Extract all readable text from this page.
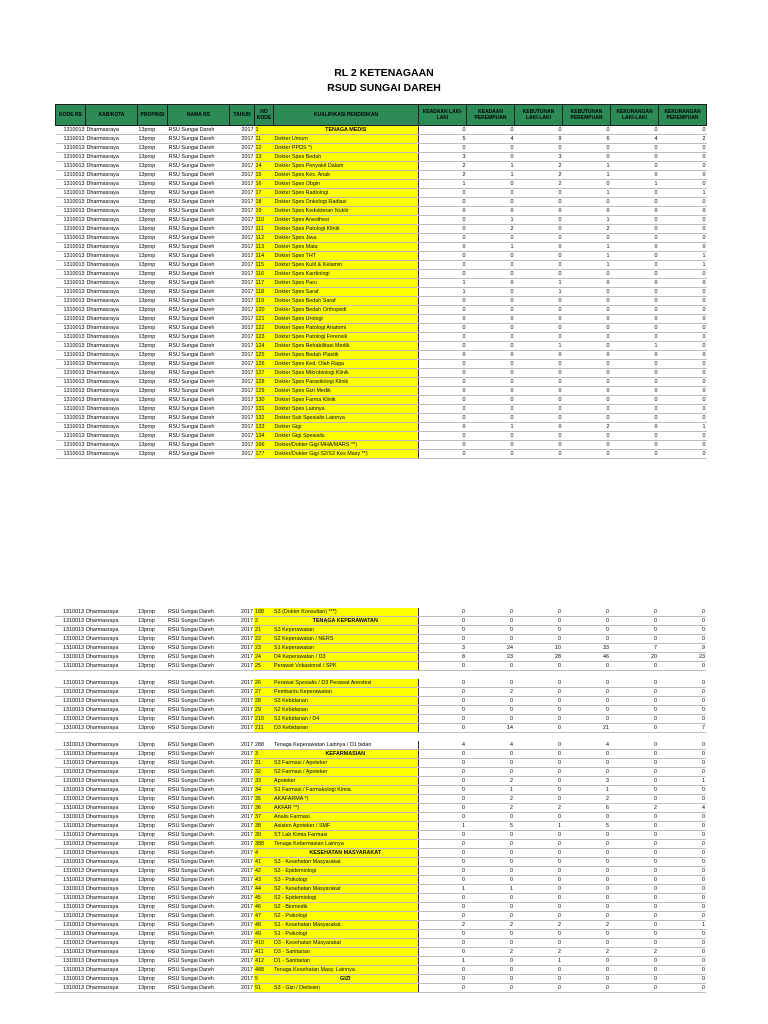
RL 2 KETENAGAAN
RSUD SUNGAI DAREH
KODE RS	KAB/KOTA	PROPINSI	NAMA RS	TAHUN	NO KODE	KUALIFIKASI PENDIDIKAN	KEADAAN LAKI-LAKI	KEADAAN PEREMPUAN	KEBUTUHAN LAKI-LAKI	KEBUTUHAN PEREMPUAN	KEKURANGAN LAKI-LAKI	KEKURANGAN PEREMPUAN
1310013	Dharmasraya	13prop	RSU Sungai Dareh	2017	1	TENAGA MEDIS	0	0	0	0	0	0
1310013	Dharmasraya	13prop	RSU Sungai Dareh	2017	11	Dokter Umum	5	4	9	6	4	2
1310013	Dharmasraya	13prop	RSU Sungai Dareh	2017	12	Dokter PPDS *)	0	0	0	0	0	0
1310013	Dharmasraya	13prop	RSU Sungai Dareh	2017	13	Dokter Spes Bedah	3	0	3	0	0	0
1310013	Dharmasraya	13prop	RSU Sungai Dareh	2017	14	Dokter Spes Penyakit Dalam	2	1	2	1	0	0
1310013	Dharmasraya	13prop	RSU Sungai Dareh	2017	15	Dokter Spes Kes. Anak	2	1	2	1	0	0
1310013	Dharmasraya	13prop	RSU Sungai Dareh	2017	16	Dokter Spes Obgin	1	0	2	0	1	0
1310013	Dharmasraya	13prop	RSU Sungai Dareh	2017	17	Dokter Spes Radiologi	0	0	0	1	0	1
1310013	Dharmasraya	13prop	RSU Sungai Dareh	2017	18	Dokter Spes Onkologi Radiasi	0	0	0	0	0	0
1310013	Dharmasraya	13prop	RSU Sungai Dareh	2017	19	Dokter Spes Kedokteran Nuklir	0	0	0	0	0	0
1310013	Dharmasraya	13prop	RSU Sungai Dareh	2017	110	Dokter Spes Anesthesi	0	1	0	1	0	0
1310013	Dharmasraya	13prop	RSU Sungai Dareh	2017	111	Dokter Spes Patologi Klinik	0	2	0	2	0	0
1310013	Dharmasraya	13prop	RSU Sungai Dareh	2017	112	Dokter Spes Jiwa	0	0	0	0	0	0
1310013	Dharmasraya	13prop	RSU Sungai Dareh	2017	113	Dokter Spes Mata	0	1	0	1	0	0
1310013	Dharmasraya	13prop	RSU Sungai Dareh	2017	114	Dokter Spes THT	0	0	0	1	0	1
1310013	Dharmasraya	13prop	RSU Sungai Dareh	2017	115	Dokter Spes Kulit & Kelamin	0	0	0	1	0	1
1310013	Dharmasraya	13prop	RSU Sungai Dareh	2017	116	Dokter Spes Kardiologi	0	0	0	0	0	0
1310013	Dharmasraya	13prop	RSU Sungai Dareh	2017	117	Dokter Spes Paru	1	0	1	0	0	0
1310013	Dharmasraya	13prop	RSU Sungai Dareh	2017	118	Dokter Spes Saraf	1	0	1	0	0	0
1310013	Dharmasraya	13prop	RSU Sungai Dareh	2017	119	Dokter Spes Bedah Saraf	0	0	0	0	0	0
1310013	Dharmasraya	13prop	RSU Sungai Dareh	2017	120	Dokter Spes Bedah Orthopedi	0	0	0	0	0	0
1310013	Dharmasraya	13prop	RSU Sungai Dareh	2017	121	Dokter Spes Urologi	0	0	0	0	0	0
1310013	Dharmasraya	13prop	RSU Sungai Dareh	2017	122	Dokter Spes Patologi Anatomi	0	0	0	0	0	0
1310013	Dharmasraya	13prop	RSU Sungai Dareh	2017	123	Dokter Spes Patologi Forensik	0	0	0	0	0	0
1310013	Dharmasraya	13prop	RSU Sungai Dareh	2017	124	Dokter Spes Rehabilitasi Medik	0	0	1	0	1	0
1310013	Dharmasraya	13prop	RSU Sungai Dareh	2017	125	Dokter Spes Bedah Plastik	0	0	0	0	0	0
1310013	Dharmasraya	13prop	RSU Sungai Dareh	2017	126	Dokter Spes Ked. Olah Raga	0	0	0	0	0	0
1310013	Dharmasraya	13prop	RSU Sungai Dareh	2017	127	Dokter Spes Mikrobiologi Klinik	0	0	0	0	0	0
1310013	Dharmasraya	13prop	RSU Sungai Dareh	2017	128	Dokter Spes Parasitologi Klinik	0	0	0	0	0	0
1310013	Dharmasraya	13prop	RSU Sungai Dareh	2017	129	Dokter Spes Gizi Medik	0	0	0	0	0	0
1310013	Dharmasraya	13prop	RSU Sungai Dareh	2017	130	Dokter Spes Farma Klinik	0	0	0	0	0	0
1310013	Dharmasraya	13prop	RSU Sungai Dareh	2017	131	Dokter Spes Lainnya	0	0	0	0	0	0
1310013	Dharmasraya	13prop	RSU Sungai Dareh	2017	132	Dokter Sub Spesialis Lainnya	0	0	0	0	0	0
1310013	Dharmasraya	13prop	RSU Sungai Dareh	2017	133	Dokter Gigi	0	1	0	2	0	1
1310013	Dharmasraya	13prop	RSU Sungai Dareh	2017	134	Dokter Gigi Spesialis	0	0	0	0	0	0
1310013	Dharmasraya	13prop	RSU Sungai Dareh	2017	166	Dokter/Dokter Gigi MHA/MARS **)	0	0	0	0	0	0
1310013	Dharmasraya	13prop	RSU Sungai Dareh	2017	177	Dokter/Dokter Gigi S2/S3 Kes Masy **)	0	0	0	0	0	0
1310013	Dharmasraya	13prop	RSU Sungai Dareh	2017	188	S3 (Dokter Konsultan) ***)	0	0	0	0	0	0
1310013	Dharmasraya	13prop	RSU Sungai Dareh	2017	2	TENAGA KEPERAWATAN	0	0	0	0	0	0
1310013	Dharmasraya	13prop	RSU Sungai Dareh	2017	21	S3 Keperawatan	0	0	0	0	0	0
1310013	Dharmasraya	13prop	RSU Sungai Dareh	2017	22	S2 Keperawatan / NERS	0	0	0	0	0	0
1310013	Dharmasraya	13prop	RSU Sungai Dareh	2017	23	S1 Keperawatan	3	24	10	33	7	9
1310013	Dharmasraya	13prop	RSU Sungai Dareh	2017	24	D4 Keperawatan / D3	8	23	28	46	20	23
1310013	Dharmasraya	13prop	RSU Sungai Dareh	2017	25	Perawat Vokasional / SPK	0	0	0	0	0	0

1310013	Dharmasraya	13prop	RSU Sungai Dareh	2017	26	Perawat Spesialis / D3 Perawat Anestesi	0	0	0	0	0	0
1310013	Dharmasraya	13prop	RSU Sungai Dareh	2017	27	Pembantu Keperawatan	0	2	0	0	0	0
1310013	Dharmasraya	13prop	RSU Sungai Dareh	2017	28	S3 Kebidanan	0	0	0	0	0	0
1310013	Dharmasraya	13prop	RSU Sungai Dareh	2017	29	S2 Kebidanan	0	0	0	0	0	0
1310013	Dharmasraya	13prop	RSU Sungai Dareh	2017	210	S1 Kebidanan / D4	0	0	0	0	0	0
1310013	Dharmasraya	13prop	RSU Sungai Dareh	2017	211	D3 Kebidanan	0	14	0	21	0	7

1310013	Dharmasraya	13prop	RSU Sungai Dareh	2017	288	Tenaga Keperawatan Lainnya / D1 bidan	4	4	0	4	0	0
1310013	Dharmasraya	13prop	RSU Sungai Dareh	2017	3	KEFARMASIAN	0	0	0	0	0	0
1310013	Dharmasraya	13prop	RSU Sungai Dareh	2017	31	S3 Farmasi / Apoteker	0	0	0	0	0	0
1310013	Dharmasraya	13prop	RSU Sungai Dareh	2017	32	S2 Farmasi / Apoteker	0	0	0	0	0	0
1310013	Dharmasraya	13prop	RSU Sungai Dareh	2017	33	Apoteker	0	2	0	3	0	1
1310013	Dharmasraya	13prop	RSU Sungai Dareh	2017	34	S1 Farmasi / Farmakologi Kimia	0	1	0	1	0	0
1310013	Dharmasraya	13prop	RSU Sungai Dareh	2017	35	AKAFARMA *)	0	2	0	2	0	0
1310013	Dharmasraya	13prop	RSU Sungai Dareh	2017	36	AKFAR **)	0	2	2	6	2	4
1310013	Dharmasraya	13prop	RSU Sungai Dareh	2017	37	Analis Farmasi	0	0	0	0	0	0
1310013	Dharmasraya	13prop	RSU Sungai Dareh	2017	38	Asisten Apoteker / SMF	1	5	1	5	0	0
1310013	Dharmasraya	13prop	RSU Sungai Dareh	2017	39	ST Lab Kimia Farmasi	0	0	0	0	0	0
1310013	Dharmasraya	13prop	RSU Sungai Dareh	2017	388	Tenaga Kefarmasian Lainnya	0	0	0	0	0	0
1310013	Dharmasraya	13prop	RSU Sungai Dareh	2017	4	KESEHATAN MASYARAKAT	0	0	0	0	0	0
1310013	Dharmasraya	13prop	RSU Sungai Dareh	2017	41	S3 - Kesehatan Masyarakat	0	0	0	0	0	0
1310013	Dharmasraya	13prop	RSU Sungai Dareh	2017	42	S3 - Epidemiologi	0	0	0	0	0	0
1310013	Dharmasraya	13prop	RSU Sungai Dareh	2017	43	S3 - Psikologi	0	0	0	0	0	0
1310013	Dharmasraya	13prop	RSU Sungai Dareh	2017	44	S2 - Kesehatan Masyarakat	1	1	0	0	0	0
1310013	Dharmasraya	13prop	RSU Sungai Dareh	2017	45	S2 - Epidemiologi	0	0	0	0	0	0
1310013	Dharmasraya	13prop	RSU Sungai Dareh	2017	46	S2 - Biomedik	0	0	0	0	0	0
1310013	Dharmasraya	13prop	RSU Sungai Dareh	2017	47	S2 - Psikologi	0	0	0	0	0	0
1310013	Dharmasraya	13prop	RSU Sungai Dareh	2017	48	S1 - Kesehatan Masyarakat	2	2	2	2	0	1
1310013	Dharmasraya	13prop	RSU Sungai Dareh	2017	49	S1 - Psikologi	0	0	0	0	0	0
1310013	Dharmasraya	13prop	RSU Sungai Dareh	2017	410	D3 - Kesehatan Masyarakat	0	0	0	0	0	0
1310013	Dharmasraya	13prop	RSU Sungai Dareh	2017	411	D3 - Sanitarian	0	2	2	2	2	0
1310013	Dharmasraya	13prop	RSU Sungai Dareh	2017	412	D1 - Sanitarian	1	0	1	0	0	0
1310013	Dharmasraya	13prop	RSU Sungai Dareh	2017	488	Tenaga Kesehatan Masy. Lainnya	0	0	0	0	0	0
1310013	Dharmasraya	13prop	RSU Sungai Dareh	2017	5	GIZI	0	0	0	0	0	0
1310013	Dharmasraya	13prop	RSU Sungai Dareh	2017	51	S3 - Gizi / Dietisien	0	0	0	0	0	0
